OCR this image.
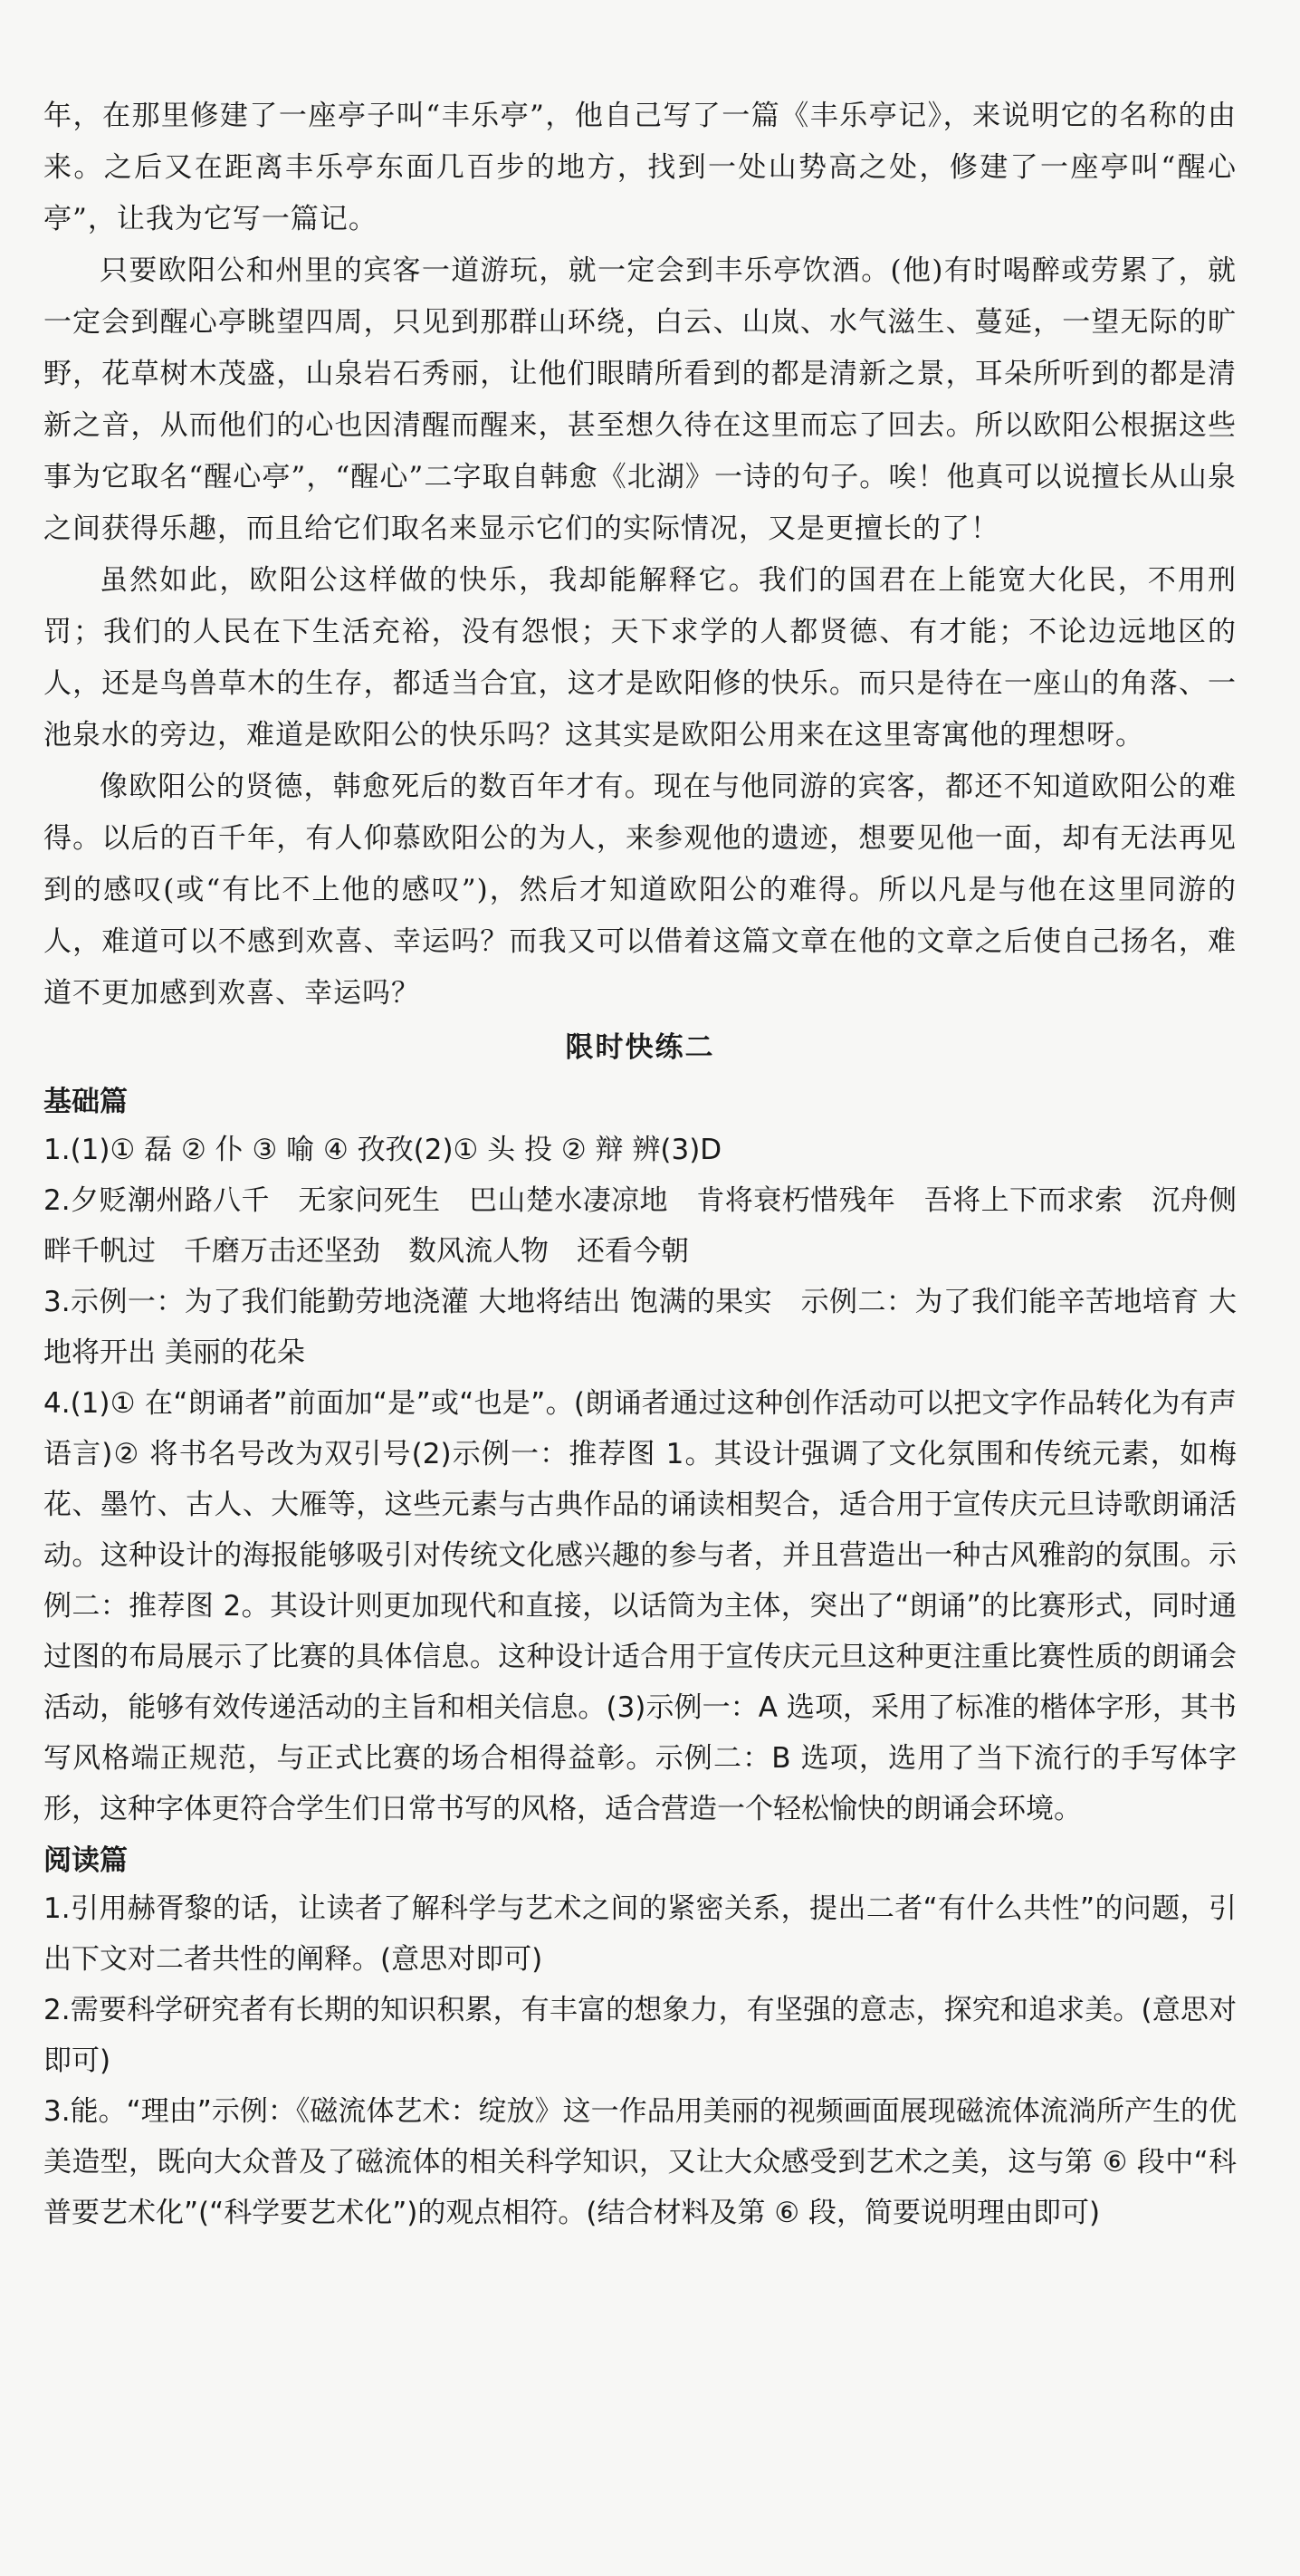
年，在那里修建了一座亭子叫“丰乐亭”，他自己写了一篇《丰乐亭记》，来说明它的名称的由来。之后又在距离丰乐亭东面几百步的地方，找到一处山势高之处，修建了一座亭叫“醒心亭”，让我为它写一篇记。

只要欧阳公和州里的宾客一道游玩，就一定会到丰乐亭饮酒。(他)有时喝醉或劳累了，就一定会到醒心亭眺望四周，只见到那群山环绕，白云、山岚、水气滋生、蔓延，一望无际的旷野，花草树木茂盛，山泉岩石秀丽，让他们眼睛所看到的都是清新之景，耳朵所听到的都是清新之音，从而他们的心也因清醒而醒来，甚至想久待在这里而忘了回去。所以欧阳公根据这些事为它取名“醒心亭”，“醒心”二字取自韩愈《北湖》一诗的句子。唉！他真可以说擅长从山泉之间获得乐趣，而且给它们取名来显示它们的实际情况，又是更擅长的了！

虽然如此，欧阳公这样做的快乐，我却能解释它。我们的国君在上能宽大化民，不用刑罚；我们的人民在下生活充裕，没有怨恨；天下求学的人都贤德、有才能；不论边远地区的人，还是鸟兽草木的生存，都适当合宜，这才是欧阳修的快乐。而只是待在一座山的角落、一池泉水的旁边，难道是欧阳公的快乐吗？这其实是欧阳公用来在这里寄寓他的理想呀。

像欧阳公的贤德，韩愈死后的数百年才有。现在与他同游的宾客，都还不知道欧阳公的难得。以后的百千年，有人仰慕欧阳公的为人，来参观他的遗迹，想要见他一面，却有无法再见到的感叹(或“有比不上他的感叹”)，然后才知道欧阳公的难得。所以凡是与他在这里同游的人，难道可以不感到欢喜、幸运吗？而我又可以借着这篇文章在他的文章之后使自己扬名，难道不更加感到欢喜、幸运吗？

限时快练二
基础篇

1.(1)① 磊 ② 仆 ③ 喻 ④ 孜孜(2)① 头 投 ② 辩 辨(3)D

2.夕贬潮州路八千　无家问死生　巴山楚水凄凉地　肯将衰朽惜残年　吾将上下而求索　沉舟侧畔千帆过　千磨万击还坚劲　数风流人物　还看今朝

3.示例一：为了我们能勤劳地浇灌 大地将结出 饱满的果实　示例二：为了我们能辛苦地培育 大地将开出 美丽的花朵

4.(1)① 在“朗诵者”前面加“是”或“也是”。(朗诵者通过这种创作活动可以把文字作品转化为有声语言)② 将书名号改为双引号(2)示例一：推荐图 1。其设计强调了文化氛围和传统元素，如梅花、墨竹、古人、大雁等，这些元素与古典作品的诵读相契合，适合用于宣传庆元旦诗歌朗诵活动。这种设计的海报能够吸引对传统文化感兴趣的参与者，并且营造出一种古风雅韵的氛围。示例二：推荐图 2。其设计则更加现代和直接，以话筒为主体，突出了“朗诵”的比赛形式，同时通过图的布局展示了比赛的具体信息。这种设计适合用于宣传庆元旦这种更注重比赛性质的朗诵会活动，能够有效传递活动的主旨和相关信息。(3)示例一：A 选项，采用了标准的楷体字形，其书写风格端正规范，与正式比赛的场合相得益彰。示例二：B 选项，选用了当下流行的手写体字形，这种字体更符合学生们日常书写的风格，适合营造一个轻松愉快的朗诵会环境。

阅读篇

1.引用赫胥黎的话，让读者了解科学与艺术之间的紧密关系，提出二者“有什么共性”的问题，引出下文对二者共性的阐释。(意思对即可)

2.需要科学研究者有长期的知识积累，有丰富的想象力，有坚强的意志，探究和追求美。(意思对即可)

3.能。“理由”示例：《磁流体艺术：绽放》这一作品用美丽的视频画面展现磁流体流淌所产生的优美造型，既向大众普及了磁流体的相关科学知识，又让大众感受到艺术之美，这与第 ⑥ 段中“科普要艺术化”(“科学要艺术化”)的观点相符。(结合材料及第 ⑥ 段，简要说明理由即可)
